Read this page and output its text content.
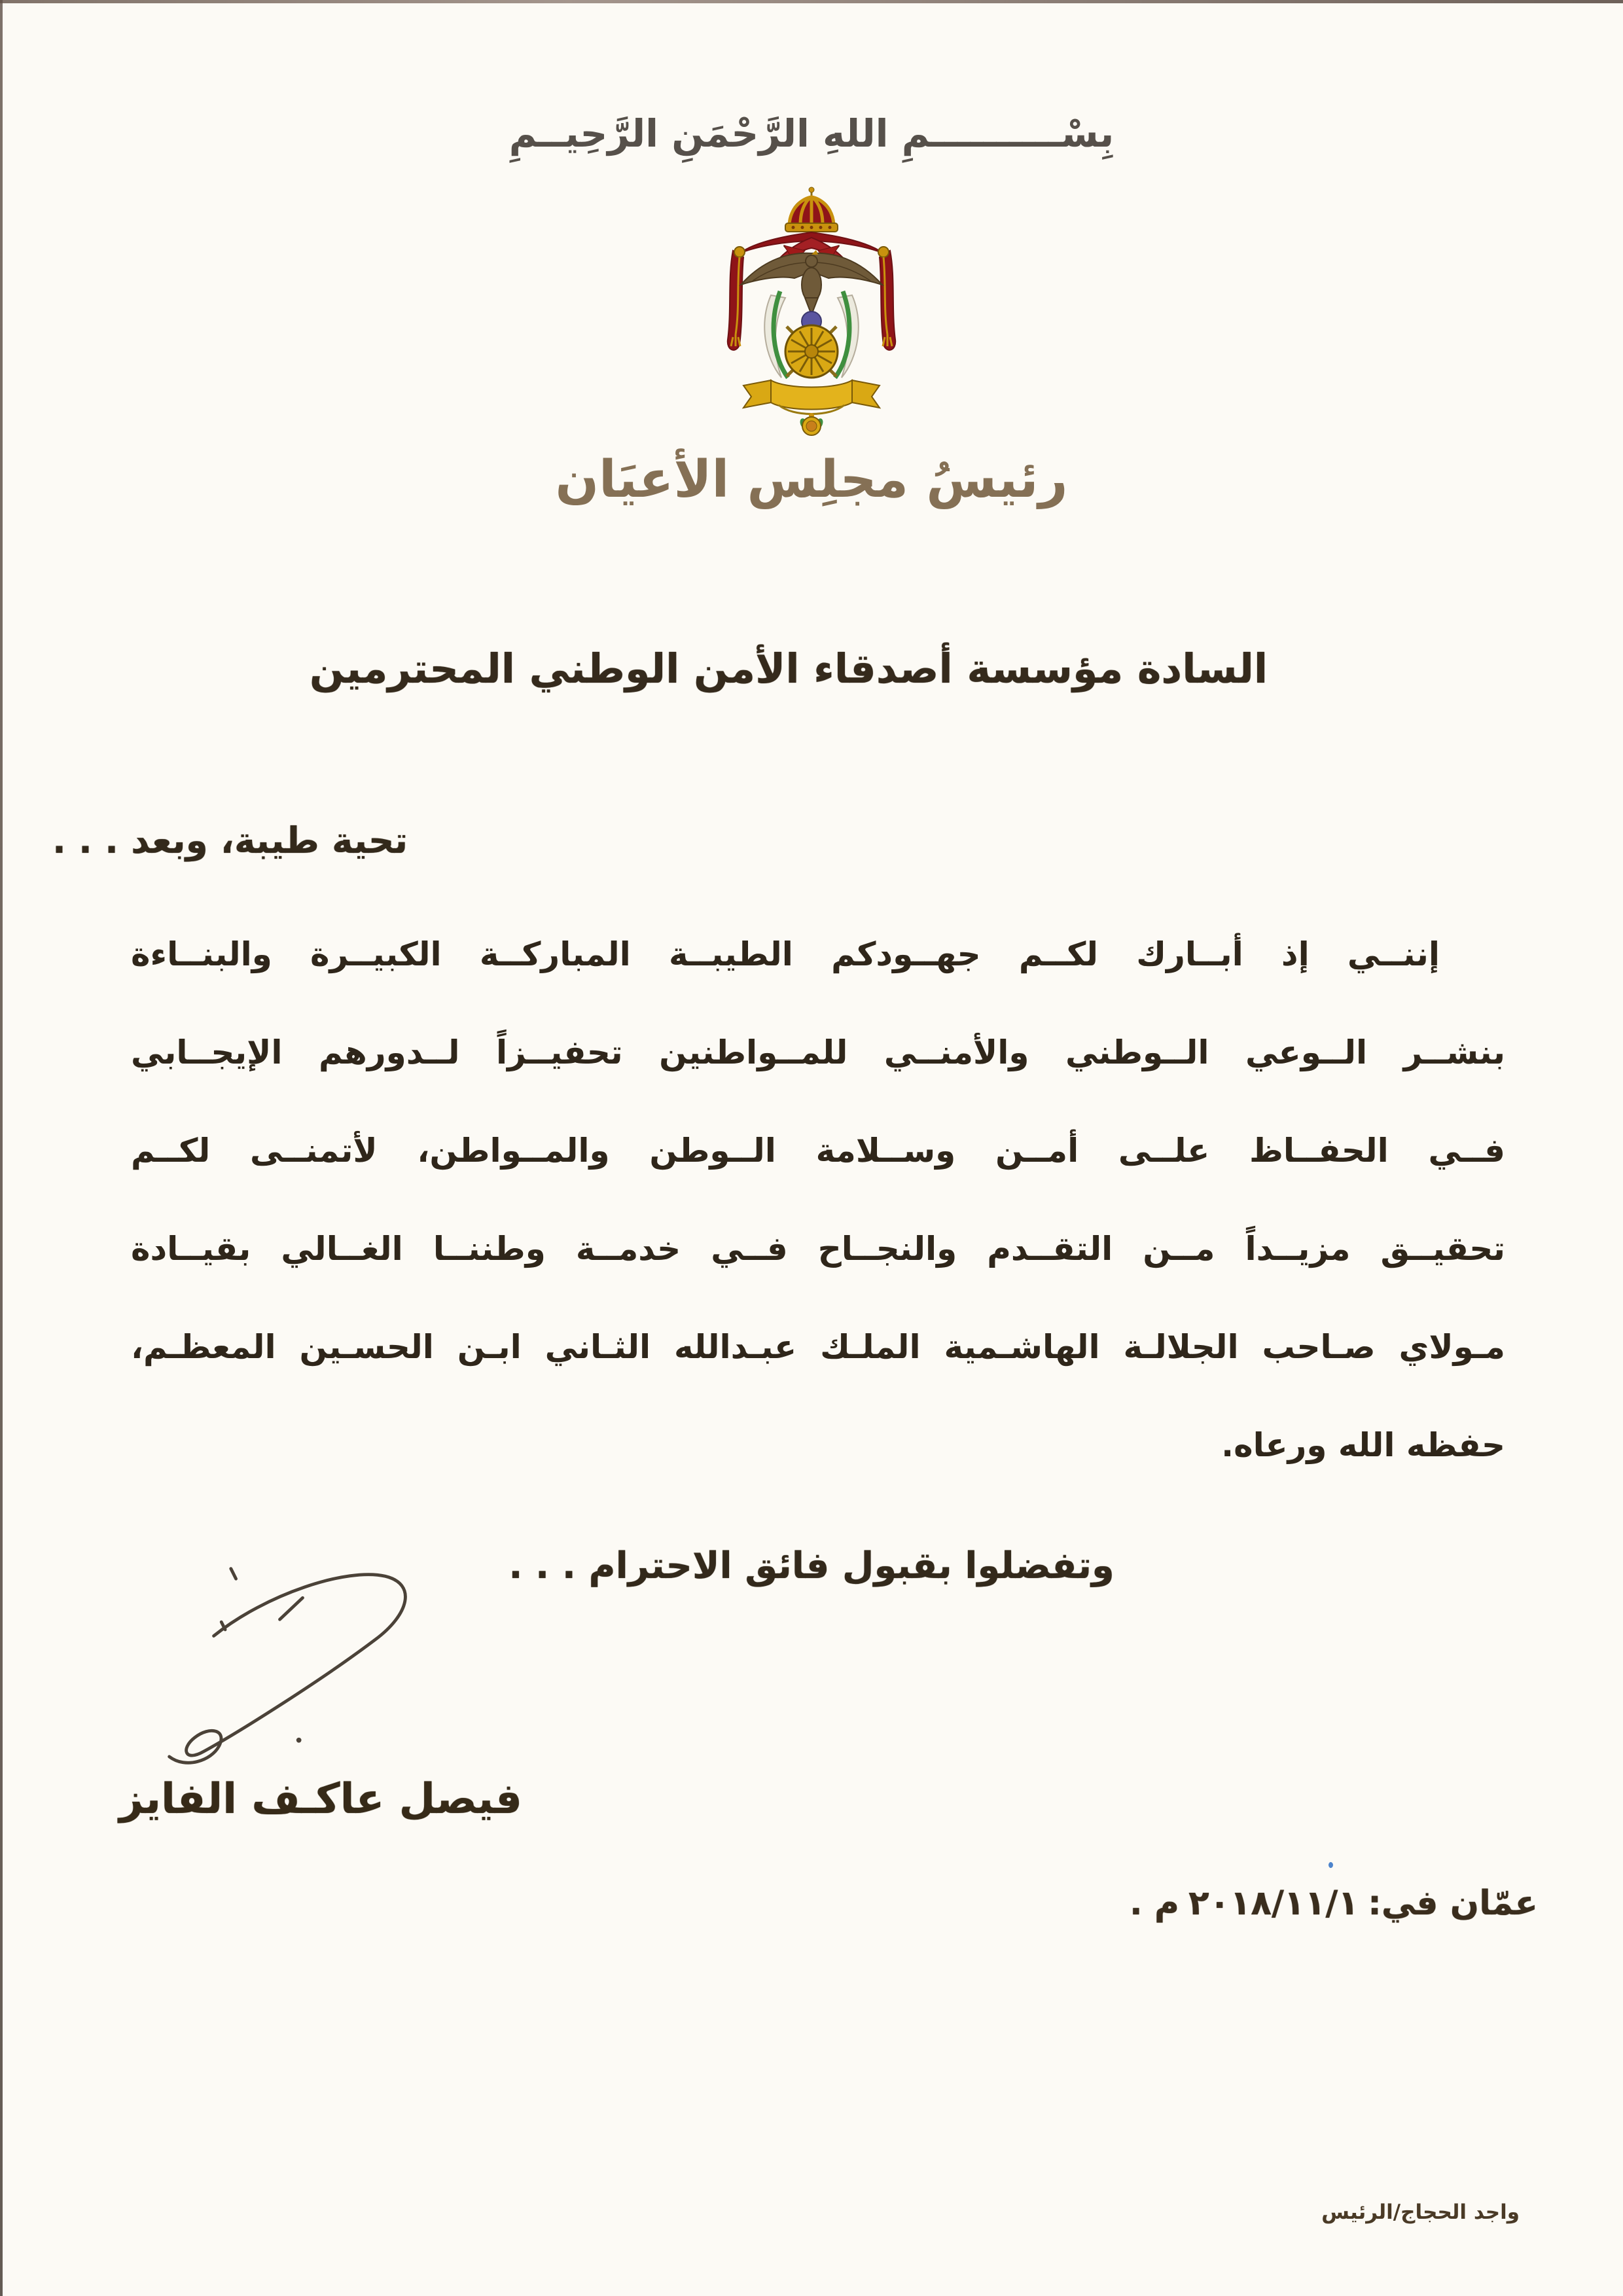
بِسْــــــــــمِ اللهِ الرَّحْمَنِ الرَّحِيــمِ
رئيسُ مجلِس الأعيَان
السادة مؤسسة أصدقاء الأمن الوطني المحترمين
تحية طيبة، وبعد . . .
إننــي إذ أبــارك لكــم جهــودكم الطيبــة المباركــة الكبيــرة والبنــاءة
بنشــر الــوعي الــوطني والأمنــي للمــواطنين تحفيــزاً لــدورهم الإيجــابي
فــي الحفــاظ علــى أمــن وســلامة الــوطن والمــواطن، لأتمنــى لكــم
تحقيــق مزيــداً مــن التقــدم والنجــاح فــي خدمــة وطننــا الغــالي بقيــادة
مـولاي صـاحب الجلالـة الهاشـمية الملـك عبـدالله الثـاني ابـن الحسـين المعظـم،
حفظه الله ورعاه.
وتفضلوا بقبول فائق الاحترام . . .
فيصل عاكـف الفايز
عمّان في:
٢٠١٨/١١/١
م .
واجد الحجاج/الرئيس
